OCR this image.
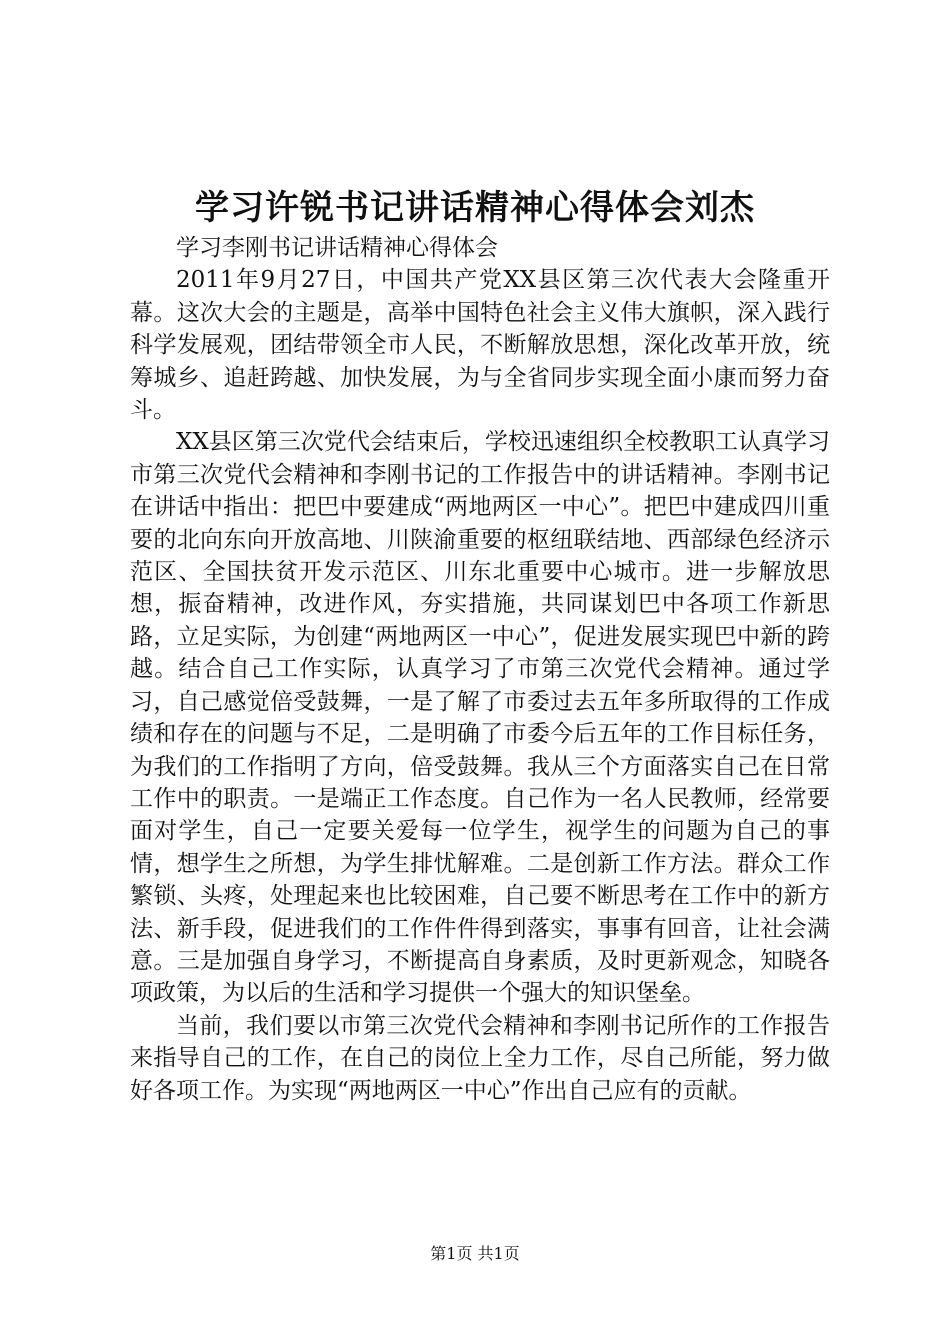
学习许锐书记讲话精神心得体会刘杰

学习李刚书记讲话精神心得体会

2011年9月27日，中国共产党XX县区第三次代表大会隆重开幕。这次大会的主题是，高举中国特色社会主义伟大旗帜，深入践行科学发展观，团结带领全市人民，不断解放思想，深化改革开放，统筹城乡、追赶跨越、加快发展，为与全省同步实现全面小康而努力奋斗。

XX县区第三次党代会结束后，学校迅速组织全校教职工认真学习市第三次党代会精神和李刚书记的工作报告中的讲话精神。李刚书记在讲话中指出：把巴中要建成“两地两区一中心”。把巴中建成四川重要的北向东向开放高地、川陕渝重要的枢纽联结地、西部绿色经济示范区、全国扶贫开发示范区、川东北重要中心城市。进一步解放思想，振奋精神，改进作风，夯实措施，共同谋划巴中各项工作新思路，立足实际，为创建“两地两区一中心”，促进发展实现巴中新的跨越。结合自己工作实际，认真学习了市第三次党代会精神。通过学习，自己感觉倍受鼓舞，一是了解了市委过去五年多所取得的工作成绩和存在的问题与不足，二是明确了市委今后五年的工作目标任务，为我们的工作指明了方向，倍受鼓舞。我从三个方面落实自己在日常工作中的职责。一是端正工作态度。自己作为一名人民教师，经常要面对学生，自己一定要关爱每一位学生，视学生的问题为自己的事情，想学生之所想，为学生排忧解难。二是创新工作方法。群众工作繁锁、头疼，处理起来也比较困难，自己要不断思考在工作中的新方法、新手段，促进我们的工作件件得到落实，事事有回音，让社会满意。三是加强自身学习，不断提高自身素质，及时更新观念，知晓各项政策，为以后的生活和学习提供一个强大的知识堡垒。

当前，我们要以市第三次党代会精神和李刚书记所作的工作报告来指导自己的工作，在自己的岗位上全力工作，尽自己所能，努力做好各项工作。为实现“两地两区一中心”作出自己应有的贡献。

第1页 共1页
